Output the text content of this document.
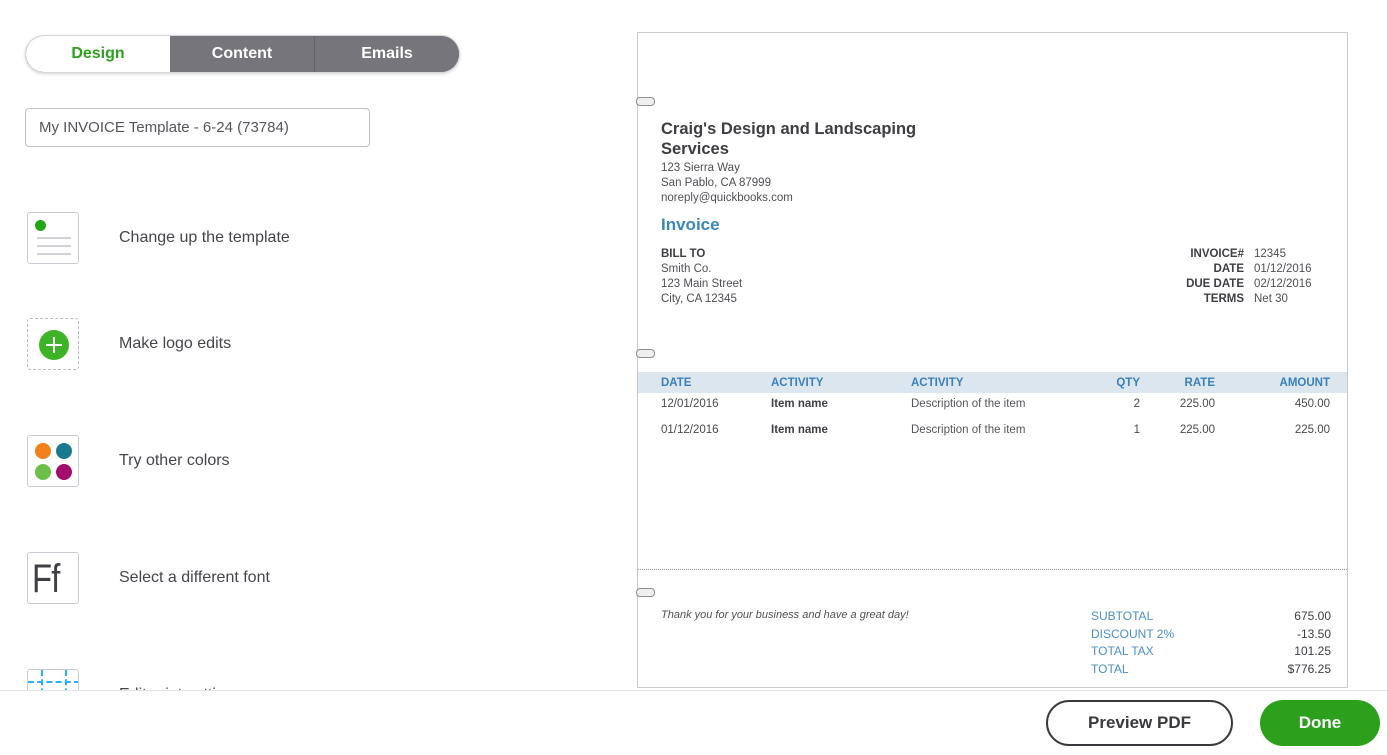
Design	Content	Emails
My INVOICE Template - 6-24 (73784)
Change up the template
Make logo edits
Try other colors
Ff	Select a different font
Craig's Design and Landscaping Services
123 Sierra Way
San Pablo, CA 87999
noreply@quickbooks.com
Invoice
BILL TO
Smith Co.
123 Main Street
City, CA 12345
INVOICE# 12345
DATE 01/12/2016
DUE DATE 02/12/2016
TERMS Net 30
DATE	ACTIVITY	ACTIVITY	QTY	RATE	AMOUNT
12/01/2016	Item name	Description of the item	2	225.00	450.00
01/12/2016	Item name	Description of the item	1	225.00	225.00
Thank you for your business and have a great day!	SUBTOTAL	675.00
DISCOUNT 2%	-13.50
TOTAL TAX	101.25
TOTAL	$776.25
Preview PDF	Done
